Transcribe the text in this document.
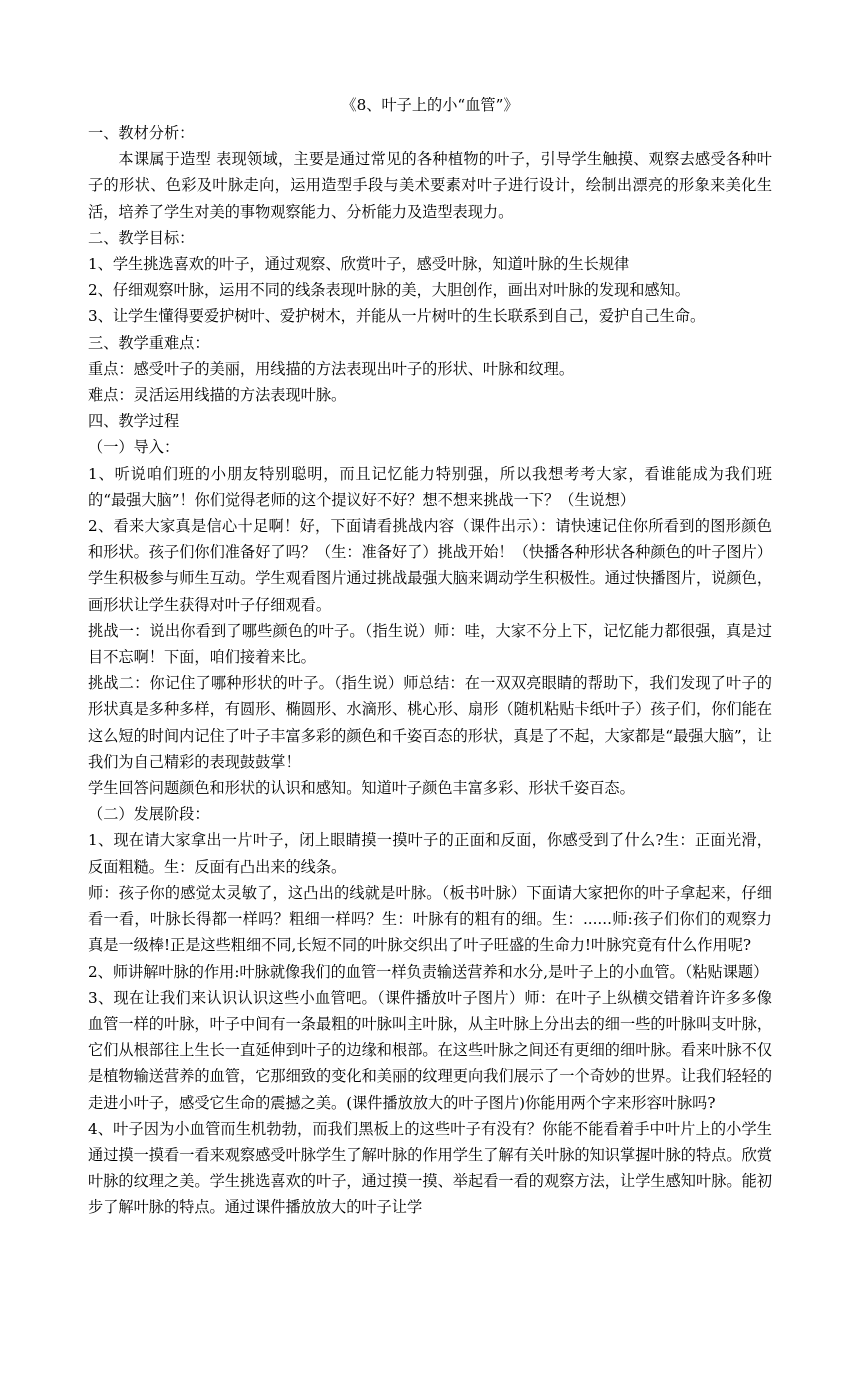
《8、叶子上的小“血管”》

一、教材分析：
本课属于造型 表现领域，主要是通过常见的各种植物的叶子，引导学生触摸、观察去感受各种叶子的形状、色彩及叶脉走向，运用造型手段与美术要素对叶子进行设计，绘制出漂亮的形象来美化生活，培养了学生对美的事物观察能力、分析能力及造型表现力。
二、教学目标：
1、学生挑选喜欢的叶子，通过观察、欣赏叶子，感受叶脉，知道叶脉的生长规律
2、仔细观察叶脉，运用不同的线条表现叶脉的美，大胆创作，画出对叶脉的发现和感知。
3、让学生懂得要爱护树叶、爱护树木，并能从一片树叶的生长联系到自己，爱护自己生命。
三、教学重难点：
重点：感受叶子的美丽，用线描的方法表现出叶子的形状、叶脉和纹理。
难点：灵活运用线描的方法表现叶脉。
四、教学过程
（一）导入：
1、听说咱们班的小朋友特别聪明，而且记忆能力特别强，所以我想考考大家，看谁能成为我们班的“最强大脑”！你们觉得老师的这个提议好不好？想不想来挑战一下？（生说想）
2、看来大家真是信心十足啊！好，下面请看挑战内容（课件出示）：请快速记住你所看到的图形颜色和形状。孩子们你们准备好了吗？（生：准备好了）挑战开始！（快播各种形状各种颜色的叶子图片）学生积极参与师生互动。学生观看图片通过挑战最强大脑来调动学生积极性。通过快播图片，说颜色，画形状让学生获得对叶子仔细观看。
挑战一：说出你看到了哪些颜色的叶子。（指生说）师：哇，大家不分上下，记忆能力都很强，真是过目不忘啊！下面，咱们接着来比。
挑战二：你记住了哪种形状的叶子。（指生说）师总结：在一双双亮眼睛的帮助下，我们发现了叶子的形状真是多种多样，有圆形、椭圆形、水滴形、桃心形、扇形（随机粘贴卡纸叶子）孩子们，你们能在这么短的时间内记住了叶子丰富多彩的颜色和千姿百态的形状，真是了不起，大家都是“最强大脑”，让我们为自己精彩的表现鼓鼓掌！
学生回答问题颜色和形状的认识和感知。知道叶子颜色丰富多彩、形状千姿百态。
（二）发展阶段：
1、现在请大家拿出一片叶子，闭上眼睛摸一摸叶子的正面和反面，你感受到了什么?生：正面光滑，反面粗糙。生：反面有凸出来的线条。
师：孩子你的感觉太灵敏了，这凸出的线就是叶脉。（板书叶脉）下面请大家把你的叶子拿起来，仔细看一看，叶脉长得都一样吗？粗细一样吗？生：叶脉有的粗有的细。生：......师:孩子们你们的观察力真是一级棒!正是这些粗细不同,长短不同的叶脉交织出了叶子旺盛的生命力!叶脉究竟有什么作用呢?
2、师讲解叶脉的作用:叶脉就像我们的血管一样负责输送营养和水分,是叶子上的小血管。（粘贴课题）
3、现在让我们来认识认识这些小血管吧。（课件播放叶子图片）师：在叶子上纵横交错着许许多多像血管一样的叶脉，叶子中间有一条最粗的叶脉叫主叶脉，从主叶脉上分出去的细一些的叶脉叫支叶脉，它们从根部往上生长一直延伸到叶子的边缘和根部。在这些叶脉之间还有更细的细叶脉。看来叶脉不仅是植物输送营养的血管，它那细致的变化和美丽的纹理更向我们展示了一个奇妙的世界。让我们轻轻的走进小叶子，感受它生命的震撼之美。(课件播放放大的叶子图片)你能用两个字来形容叶脉吗?
4、叶子因为小血管而生机勃勃，而我们黑板上的这些叶子有没有？你能不能看着手中叶片上的小学生通过摸一摸看一看来观察感受叶脉学生了解叶脉的作用学生了解有关叶脉的知识掌握叶脉的特点。欣赏叶脉的纹理之美。学生挑选喜欢的叶子，通过摸一摸、举起看一看的观察方法，让学生感知叶脉。能初步了解叶脉的特点。通过课件播放放大的叶子让学
